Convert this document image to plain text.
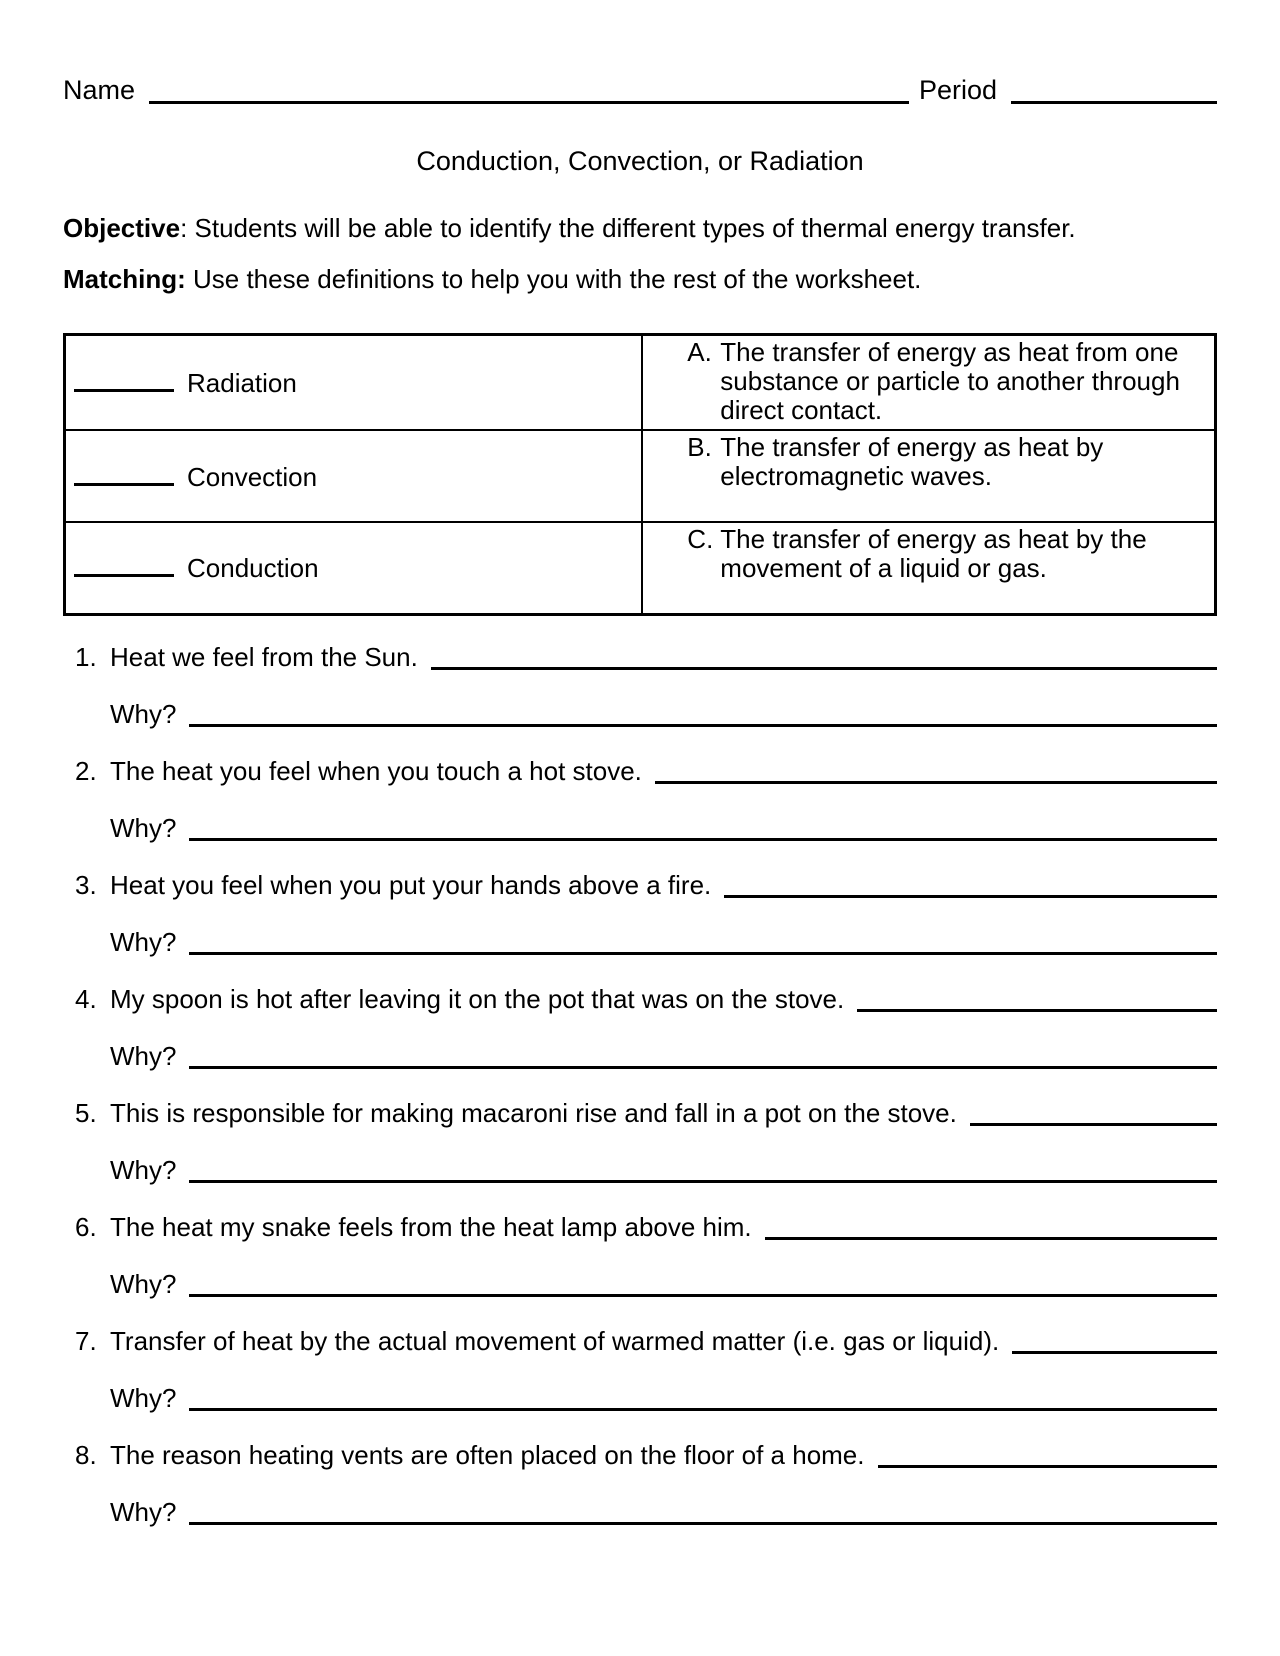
Name	Period
Conduction, Convection, or Radiation
Objective: Students will be able to identify the different types of thermal energy transfer.
Matching: Use these definitions to help you with the rest of the worksheet.
Radiation	A. The transfer of energy as heat from one substance or particle to another through direct contact.

Convection	B. The transfer of energy as heat by electromagnetic waves.

Conduction	C. The transfer of energy as heat by the movement of a liquid or gas.
1. Heat we feel from the Sun.
Why?
2. The heat you feel when you touch a hot stove.
Why?
3. Heat you feel when you put your hands above a fire.
Why?
4. My spoon is hot after leaving it on the pot that was on the stove.
Why?
5. This is responsible for making macaroni rise and fall in a pot on the stove.
Why?
6. The heat my snake feels from the heat lamp above him.
Why?
7. Transfer of heat by the actual movement of warmed matter (i.e. gas or liquid).
Why?
8. The reason heating vents are often placed on the floor of a home.
Why?
